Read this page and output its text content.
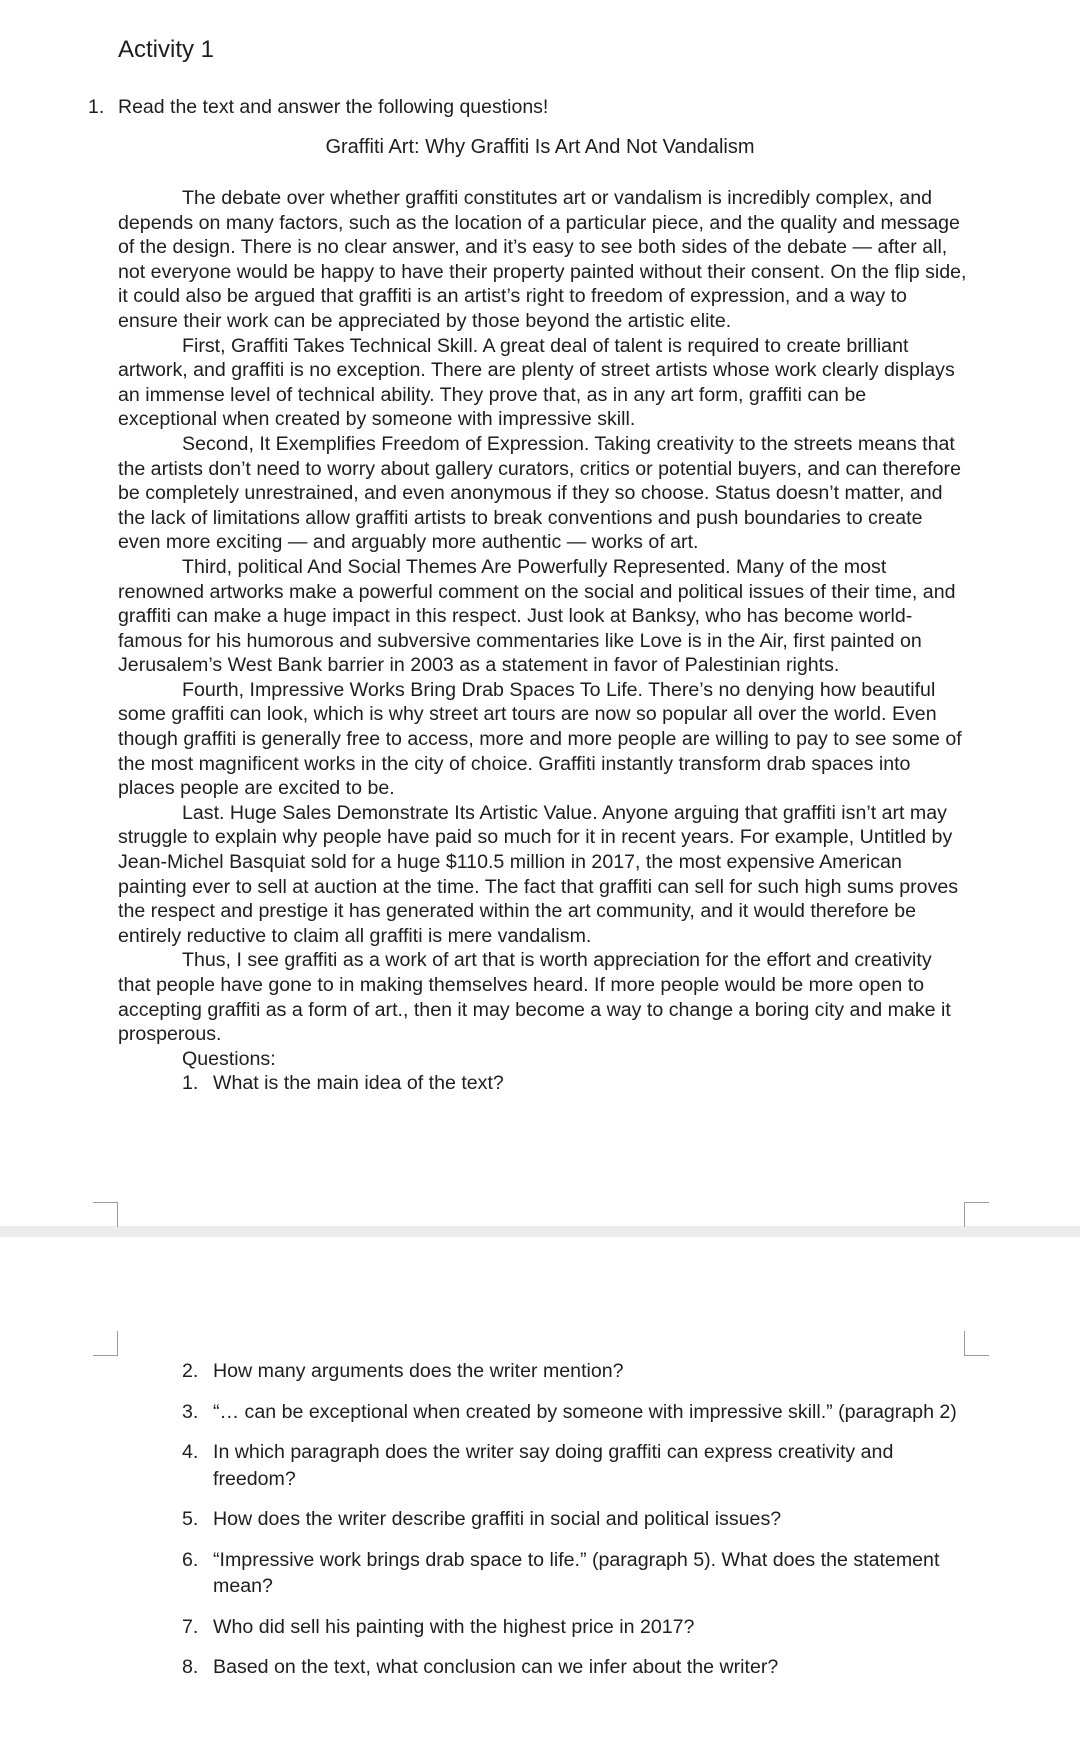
Activity 1
1. Read the text and answer the following questions!
Graffiti Art: Why Graffiti Is Art And Not Vandalism

The debate over whether graffiti constitutes art or vandalism is incredibly complex, and depends on many factors, such as the location of a particular piece, and the quality and message of the design. There is no clear answer, and it’s easy to see both sides of the debate — after all, not everyone would be happy to have their property painted without their consent. On the flip side, it could also be argued that graffiti is an artist’s right to freedom of expression, and a way to ensure their work can be appreciated by those beyond the artistic elite.

First, Graffiti Takes Technical Skill. A great deal of talent is required to create brilliant artwork, and graffiti is no exception. There are plenty of street artists whose work clearly displays an immense level of technical ability. They prove that, as in any art form, graffiti can be exceptional when created by someone with impressive skill.

Second, It Exemplifies Freedom of Expression. Taking creativity to the streets means that the artists don’t need to worry about gallery curators, critics or potential buyers, and can therefore be completely unrestrained, and even anonymous if they so choose. Status doesn’t matter, and the lack of limitations allow graffiti artists to break conventions and push boundaries to create even more exciting — and arguably more authentic — works of art.

Third, political And Social Themes Are Powerfully Represented. Many of the most renowned artworks make a powerful comment on the social and political issues of their time, and graffiti can make a huge impact in this respect. Just look at Banksy, who has become world-famous for his humorous and subversive commentaries like Love is in the Air, first painted on Jerusalem’s West Bank barrier in 2003 as a statement in favor of Palestinian rights.

Fourth, Impressive Works Bring Drab Spaces To Life. There’s no denying how beautiful some graffiti can look, which is why street art tours are now so popular all over the world. Even though graffiti is generally free to access, more and more people are willing to pay to see some of the most magnificent works in the city of choice. Graffiti instantly transform drab spaces into places people are excited to be.

Last. Huge Sales Demonstrate Its Artistic Value. Anyone arguing that graffiti isn’t art may struggle to explain why people have paid so much for it in recent years. For example, Untitled by Jean-Michel Basquiat sold for a huge $110.5 million in 2017, the most expensive American painting ever to sell at auction at the time. The fact that graffiti can sell for such high sums proves the respect and prestige it has generated within the art community, and it would therefore be entirely reductive to claim all graffiti is mere vandalism.

Thus, I see graffiti as a work of art that is worth appreciation for the effort and creativity that people have gone to in making themselves heard. If more people would be more open to accepting graffiti as a form of art., then it may become a way to change a boring city and make it prosperous.

Questions:
1. What is the main idea of the text?
2. How many arguments does the writer mention?
3. “… can be exceptional when created by someone with impressive skill.” (paragraph 2)
4. In which paragraph does the writer say doing graffiti can express creativity and freedom?
5. How does the writer describe graffiti in social and political issues?
6. “Impressive work brings drab space to life.” (paragraph 5). What does the statement mean?
7. Who did sell his painting with the highest price in 2017?
8. Based on the text, what conclusion can we infer about the writer?
